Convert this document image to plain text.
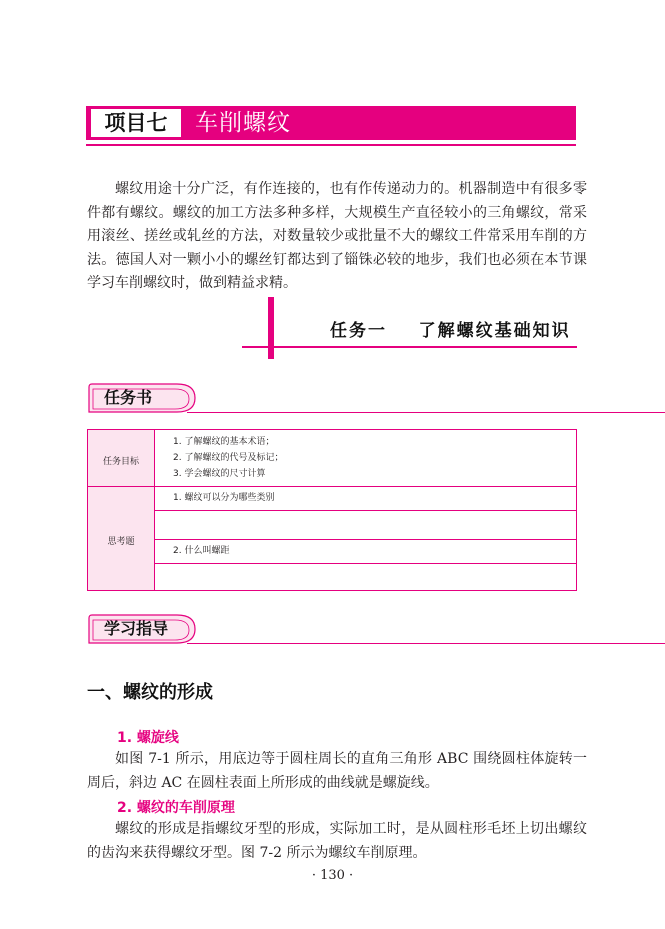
项目七	车削螺纹

螺纹用途十分广泛，有作连接的，也有作传递动力的。机器制造中有很多零件都有螺纹。螺纹的加工方法多种多样，大规模生产直径较小的三角螺纹，常采用滚丝、搓丝或轧丝的方法，对数量较少或批量不大的螺纹工件常采用车削的方法。德国人对一颗小小的螺丝钉都达到了锱铢必较的地步，我们也必须在本节课学习车削螺纹时，做到精益求精。

任务一    了解螺纹基础知识
任务书
任务目标
思考题
1. 了解螺纹的基本术语；
2. 了解螺纹的代号及标记；
3. 学会螺纹的尺寸计算
1. 螺纹可以分为哪些类别
2. 什么叫螺距
学习指导
一、螺纹的形成
1. 螺旋线

如图 7-1 所示，用底边等于圆柱周长的直角三角形 ABC 围绕圆柱体旋转一周后，斜边 AC 在圆柱表面上所形成的曲线就是螺旋线。

2. 螺纹的车削原理

螺纹的形成是指螺纹牙型的形成，实际加工时，是从圆柱形毛坯上切出螺纹的齿沟来获得螺纹牙型。图 7-2 所示为螺纹车削原理。

· 130 ·
